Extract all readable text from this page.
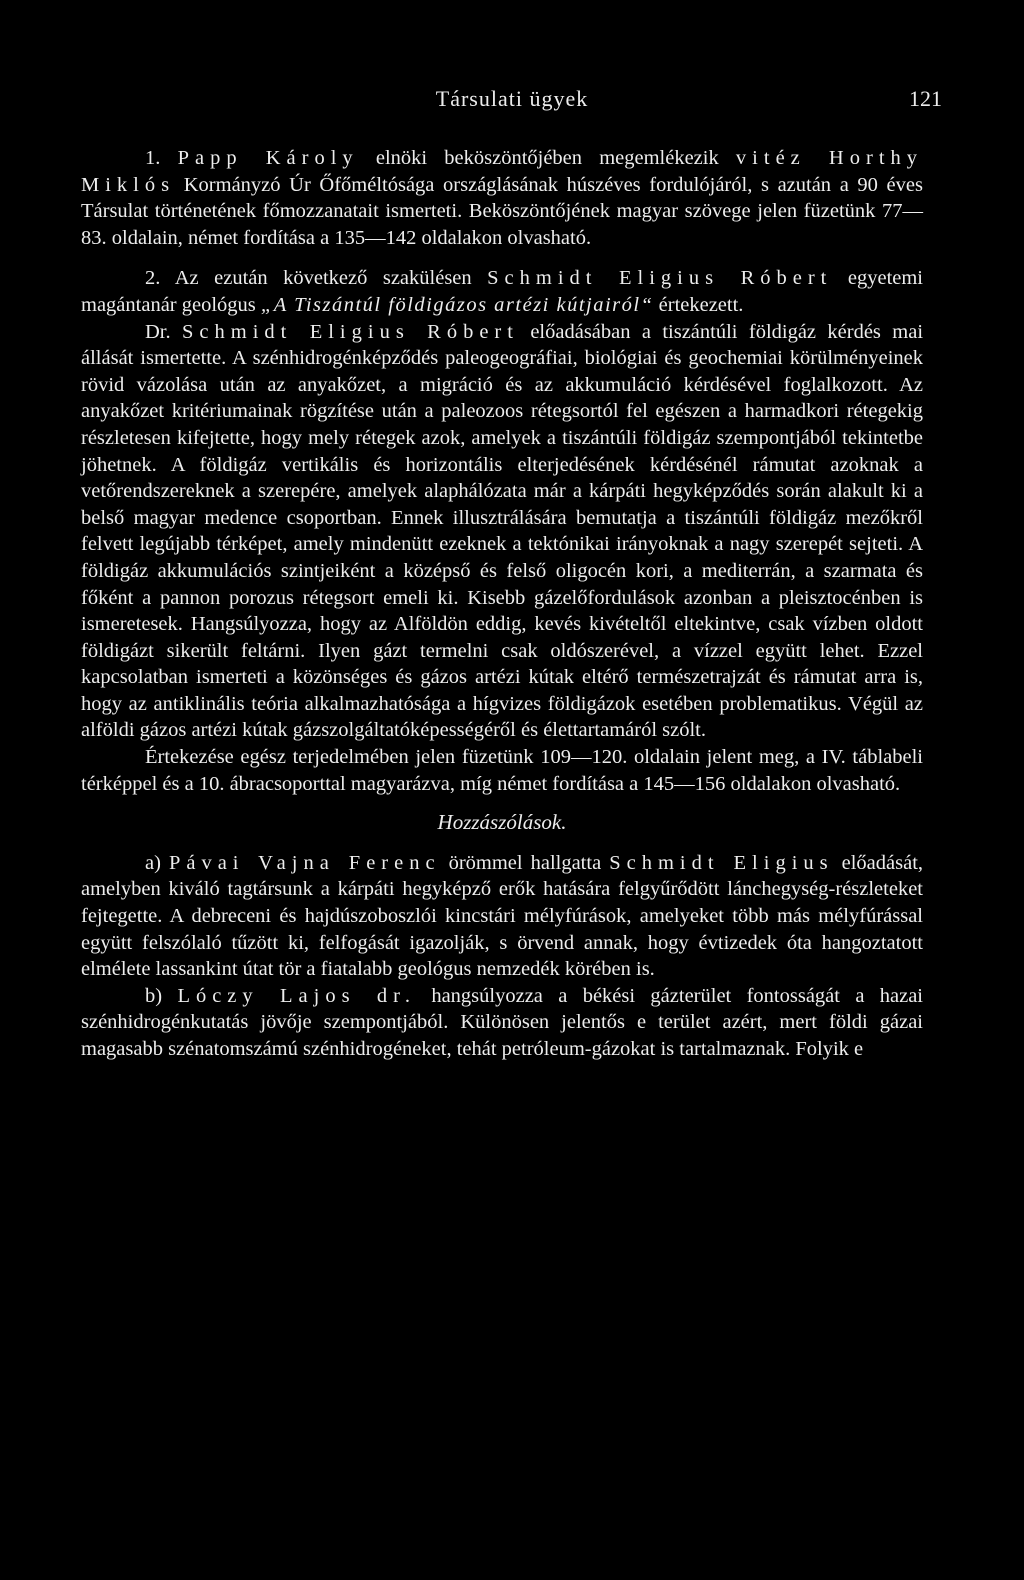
Társulati ügyek	121

1. Papp Károly elnöki beköszöntőjében megemlékezik vitéz Horthy Miklós Kormányzó Úr Őfőméltósága országlásának húszéves fordulójáról, s azután a 90 éves Társulat történetének főmozzanatait ismerteti. Beköszöntőjének magyar szövege jelen füzetünk 77—83. oldalain, német fordítása a 135—142 oldalakon olvasható.

2. Az ezután következő szakülésen Schmidt Eligius Róbert egyetemi magántanár geológus „A Tiszántúl földigázos artézi kútjairól“ értekezett.

Dr. Schmidt Eligius Róbert előadásában a tiszántúli földigáz kérdés mai állását ismertette. A szénhidrogénképződés paleogeográfiai, biológiai és geochemiai körülményeinek rövid vázolása után az anyakőzet, a migráció és az akkumuláció kérdésével foglalkozott. Az anyakőzet kritériumainak rögzítése után a paleozoos rétegsortól fel egészen a harmadkori rétegekig részletesen kifejtette, hogy mely rétegek azok, amelyek a tiszántúli földigáz szempontjából tekintetbe jöhetnek. A földigáz vertikális és horizontális elterjedésének kérdésénél rámutat azoknak a vetőrendszereknek a szerepére, amelyek alaphálózata már a kárpáti hegyképződés során alakult ki a belső magyar medence csoportban. Ennek illusztrálására bemutatja a tiszántúli földigáz mezőkről felvett legújabb térképet, amely mindenütt ezeknek a tektónikai irányoknak a nagy szerepét sejteti. A földigáz akkumulációs szintjeiként a középső és felső oligocén kori, a mediterrán, a szarmata és főként a pannon porozus rétegsort emeli ki. Kisebb gázelőfordulások azonban a pleisztocénben is ismeretesek. Hangsúlyozza, hogy az Alföldön eddig, kevés kivételtől eltekintve, csak vízben oldott földigázt sikerült feltárni. Ilyen gázt termelni csak oldószerével, a vízzel együtt lehet. Ezzel kapcsolatban ismerteti a közönséges és gázos artézi kútak eltérő természetrajzát és rámutat arra is, hogy az antiklinális teória alkalmazhatósága a hígvizes földigázok esetében problematikus. Végül az alföldi gázos artézi kútak gázszolgáltatóképességéről és élettartamáról szólt.

Értekezése egész terjedelmében jelen füzetünk 109—120. oldalain jelent meg, a IV. táblabeli térképpel és a 10. ábracsoporttal magyarázva, míg német fordítása a 145—156 oldalakon olvasható.

Hozzászólások.

a) Pávai Vajna Ferenc örömmel hallgatta Schmidt Eligius előadását, amelyben kiváló tagtársunk a kárpáti hegyképző erők hatására felgyűrődött lánchegység-részleteket fejtegette. A debreceni és hajdúszoboszlói kincstári mélyfúrások, amelyeket több más mélyfúrással együtt felszólaló tűzött ki, felfogását igazolják, s örvend annak, hogy évtizedek óta hangoztatott elmélete lassankint útat tör a fiatalabb geológus nemzedék körében is.

b) Lóczy Lajos dr. hangsúlyozza a békési gázterület fontosságát a hazai szénhidrogénkutatás jövője szempontjából. Különösen jelentős e terület azért, mert földi gázai magasabb szénatomszámú szénhidrogéneket, tehát petróleum-gázokat is tartalmaznak. Folyik e
